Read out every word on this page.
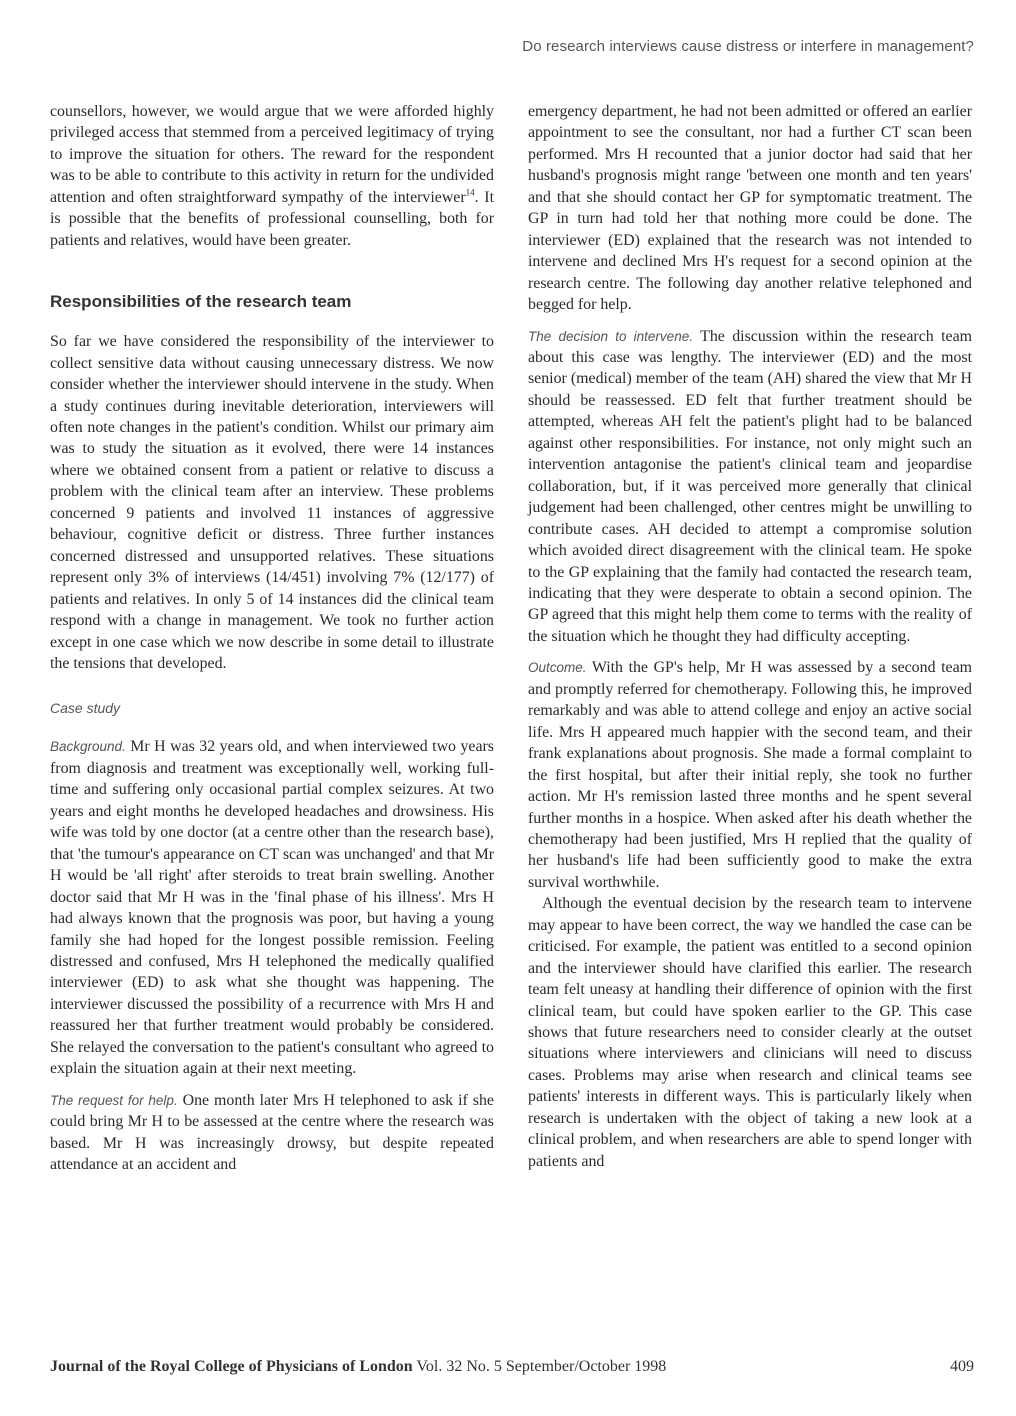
Do research interviews cause distress or interfere in management?

counsellors, however, we would argue that we were afforded highly privileged access that stemmed from a perceived legitimacy of trying to improve the situation for others. The reward for the respondent was to be able to contribute to this activity in return for the undivided attention and often straightforward sympathy of the interviewer$^{14}$. It is possible that the benefits of professional counselling, both for patients and relatives, would have been greater.

Responsibilities of the research team

So far we have considered the responsibility of the interviewer to collect sensitive data without causing unnecessary distress. We now consider whether the interviewer should intervene in the study. When a study continues during inevitable deterioration, interviewers will often note changes in the patient's condition. Whilst our primary aim was to study the situation as it evolved, there were 14 instances where we obtained consent from a patient or relative to discuss a problem with the clinical team after an interview. These problems concerned 9 patients and involved 11 instances of aggressive behaviour, cognitive deficit or distress. Three further instances concerned distressed and unsupported relatives. These situations represent only 3% of interviews (14/451) involving 7% (12/177) of patients and relatives. In only 5 of 14 instances did the clinical team respond with a change in management. We took no further action except in one case which we now describe in some detail to illustrate the tensions that developed.

Case study

Background. Mr H was 32 years old, and when interviewed two years from diagnosis and treatment was exceptionally well, working full-time and suffering only occasional partial complex seizures. At two years and eight months he developed headaches and drowsiness. His wife was told by one doctor (at a centre other than the research base), that 'the tumour's appearance on CT scan was unchanged' and that Mr H would be 'all right' after steroids to treat brain swelling. Another doctor said that Mr H was in the 'final phase of his illness'. Mrs H had always known that the prognosis was poor, but having a young family she had hoped for the longest possible remission. Feeling distressed and confused, Mrs H telephoned the medically qualified interviewer (ED) to ask what she thought was happening. The interviewer discussed the possibility of a recurrence with Mrs H and reassured her that further treatment would probably be considered. She relayed the conversation to the patient's consultant who agreed to explain the situation again at their next meeting.

The request for help. One month later Mrs H telephoned to ask if she could bring Mr H to be assessed at the centre where the research was based. Mr H was increasingly drowsy, but despite repeated attendance at an accident and

emergency department, he had not been admitted or offered an earlier appointment to see the consultant, nor had a further CT scan been performed. Mrs H recounted that a junior doctor had said that her husband's prognosis might range 'between one month and ten years' and that she should contact her GP for symptomatic treatment. The GP in turn had told her that nothing more could be done. The interviewer (ED) explained that the research was not intended to intervene and declined Mrs H's request for a second opinion at the research centre. The following day another relative telephoned and begged for help.

The decision to intervene. The discussion within the research team about this case was lengthy. The interviewer (ED) and the most senior (medical) member of the team (AH) shared the view that Mr H should be reassessed. ED felt that further treatment should be attempted, whereas AH felt the patient's plight had to be balanced against other responsibilities. For instance, not only might such an intervention antagonise the patient's clinical team and jeopardise collaboration, but, if it was perceived more generally that clinical judgement had been challenged, other centres might be unwilling to contribute cases. AH decided to attempt a compromise solution which avoided direct disagreement with the clinical team. He spoke to the GP explaining that the family had contacted the research team, indicating that they were desperate to obtain a second opinion. The GP agreed that this might help them come to terms with the reality of the situation which he thought they had difficulty accepting.

Outcome. With the GP's help, Mr H was assessed by a second team and promptly referred for chemotherapy. Following this, he improved remarkably and was able to attend college and enjoy an active social life. Mrs H appeared much happier with the second team, and their frank explanations about prognosis. She made a formal complaint to the first hospital, but after their initial reply, she took no further action. Mr H's remission lasted three months and he spent several further months in a hospice. When asked after his death whether the chemotherapy had been justified, Mrs H replied that the quality of her husband's life had been sufficiently good to make the extra survival worthwhile.

Although the eventual decision by the research team to intervene may appear to have been correct, the way we handled the case can be criticised. For example, the patient was entitled to a second opinion and the interviewer should have clarified this earlier. The research team felt uneasy at handling their difference of opinion with the first clinical team, but could have spoken earlier to the GP. This case shows that future researchers need to consider clearly at the outset situations where interviewers and clinicians will need to discuss cases. Problems may arise when research and clinical teams see patients' interests in different ways. This is particularly likely when research is undertaken with the object of taking a new look at a clinical problem, and when researchers are able to spend longer with patients and

Journal of the Royal College of Physicians of London Vol. 32 No. 5 September/October 1998	409
